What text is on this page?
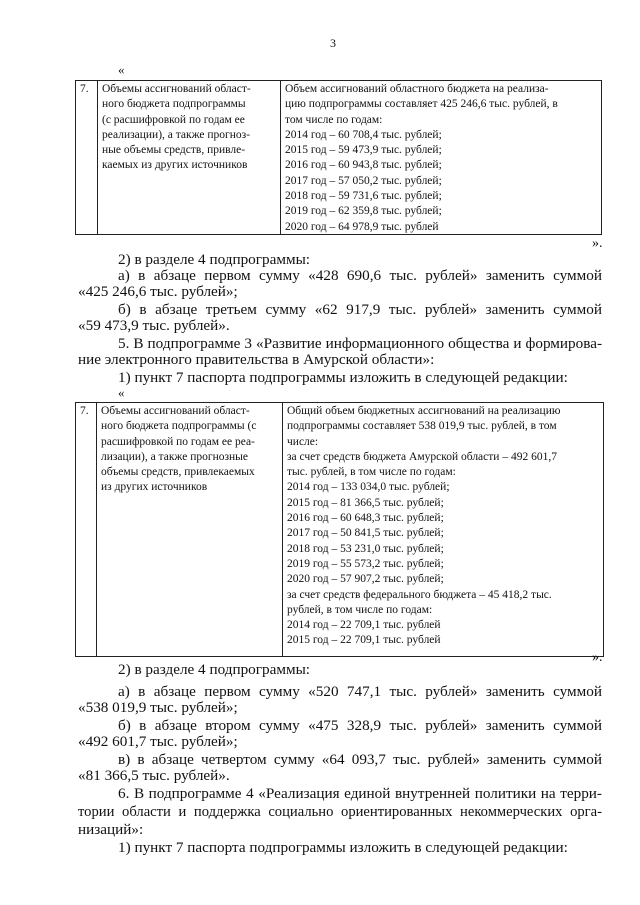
3
«
7.	Объемы ассигнований област-
ного бюджета подпрограммы
(с расшифровкой по годам ее
реализации), а также прогноз-
ные объемы средств, привле-
каемых из других источников
Объем ассигнований областного бюджета на реализа-
цию подпрограммы составляет 425 246,6 тыс. рублей, в
том числе по годам:
2014 год – 60 708,4 тыс. рублей;
2015 год – 59 473,9 тыс. рублей;
2016 год – 60 943,8 тыс. рублей;
2017 год – 57 050,2 тыс. рублей;
2018 год – 59 731,6 тыс. рублей;
2019 год – 62 359,8 тыс. рублей;
2020 год – 64 978,9 тыс. рублей
».
2) в разделе 4 подпрограммы:
а) в абзаце первом сумму «428 690,6 тыс. рублей» заменить суммой
«425 246,6 тыс. рублей»;
б) в абзаце третьем сумму «62 917,9 тыс. рублей» заменить суммой
«59 473,9 тыс. рублей».
5. В подпрограмме 3 «Развитие информационного общества и формирова-
ние электронного правительства в Амурской области»:
1) пункт 7 паспорта подпрограммы изложить в следующей редакции:
«
7.	Объемы ассигнований област-
ного бюджета подпрограммы (с
расшифровкой по годам ее реа-
лизации), а также прогнозные
объемы средств, привлекаемых
из других источников
Общий объем бюджетных ассигнований на реализацию
подпрограммы составляет 538 019,9 тыс. рублей, в том
числе:
за счет средств бюджета Амурской области – 492 601,7
тыс. рублей, в том числе по годам:
2014 год – 133 034,0 тыс. рублей;
2015 год – 81 366,5 тыс. рублей;
2016 год – 60 648,3 тыс. рублей;
2017 год – 50 841,5 тыс. рублей;
2018 год – 53 231,0 тыс. рублей;
2019 год – 55 573,2 тыс. рублей;
2020 год – 57 907,2 тыс. рублей;
за счет средств федерального бюджета – 45 418,2 тыс.
рублей, в том числе по годам:
2014 год – 22 709,1 тыс. рублей
2015 год – 22 709,1 тыс. рублей
».
2) в разделе 4 подпрограммы:
а) в абзаце первом сумму «520 747,1 тыс. рублей» заменить суммой
«538 019,9 тыс. рублей»;
б) в абзаце втором сумму «475 328,9 тыс. рублей» заменить суммой
«492 601,7 тыс. рублей»;
в) в абзаце четвертом сумму «64 093,7 тыс. рублей» заменить суммой
«81 366,5 тыс. рублей».
6. В подпрограмме 4 «Реализация единой внутренней политики на терри-
тории области и поддержка социально ориентированных некоммерческих орга-
низаций»:
1) пункт 7 паспорта подпрограммы изложить в следующей редакции:
